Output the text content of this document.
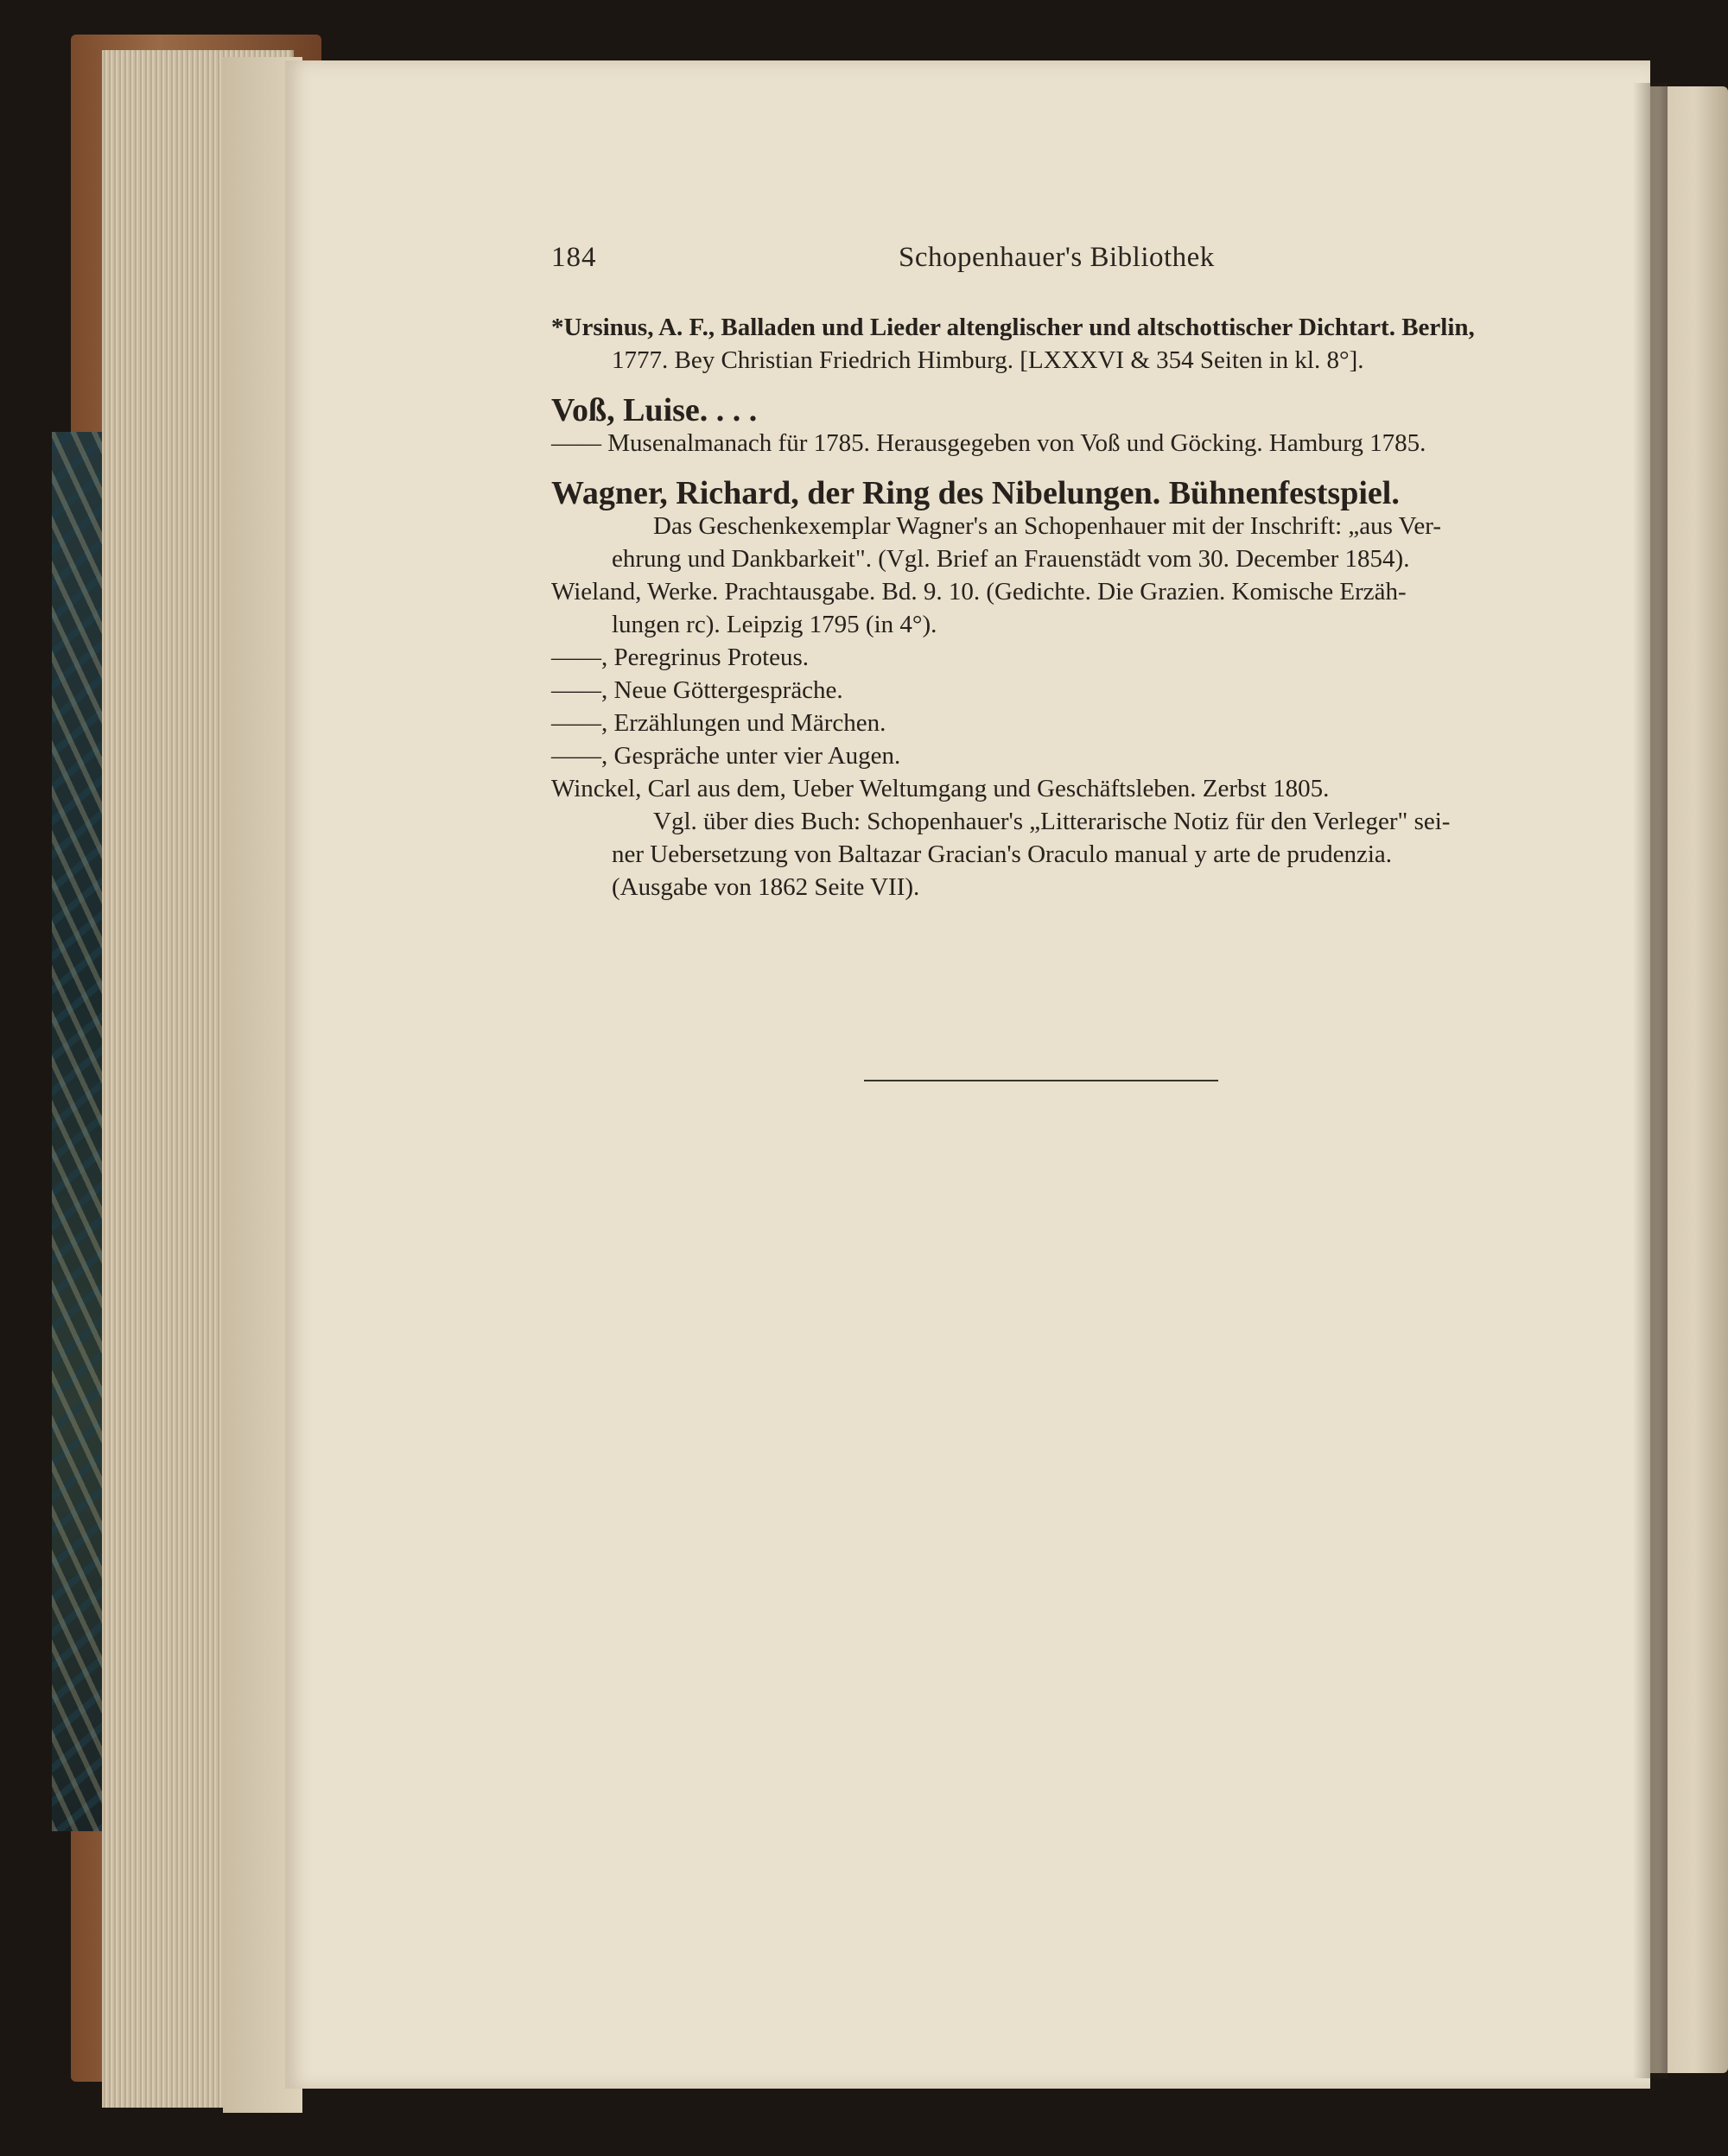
184	Schopenhauer's Bibliothek
*Ursinus, A. F., Balladen und Lieder altenglischer und altschottischer Dichtart. Berlin,
1777. Bey Christian Friedrich Himburg. [LXXXVI & 354 Seiten in kl. 8°].
Voß, Luise. . . .
—— Musenalmanach für 1785. Herausgegeben von Voß und Göcking. Hamburg 1785.
Wagner, Richard, der Ring des Nibelungen. Bühnenfestspiel.
Das Geschenkexemplar Wagner's an Schopenhauer mit der Inschrift: „aus Ver-
ehrung und Dankbarkeit". (Vgl. Brief an Frauenstädt vom 30. December 1854).
Wieland, Werke. Prachtausgabe. Bd. 9. 10. (Gedichte. Die Grazien. Komische Erzäh-
lungen rc). Leipzig 1795 (in 4°).
——, Peregrinus Proteus.
——, Neue Göttergespräche.
——, Erzählungen und Märchen.
——, Gespräche unter vier Augen.
Winckel, Carl aus dem, Ueber Weltumgang und Geschäftsleben. Zerbst 1805.
Vgl. über dies Buch: Schopenhauer's „Litterarische Notiz für den Verleger" sei-
ner Uebersetzung von Baltazar Gracian's Oraculo manual y arte de prudenzia.
(Ausgabe von 1862 Seite VII).
